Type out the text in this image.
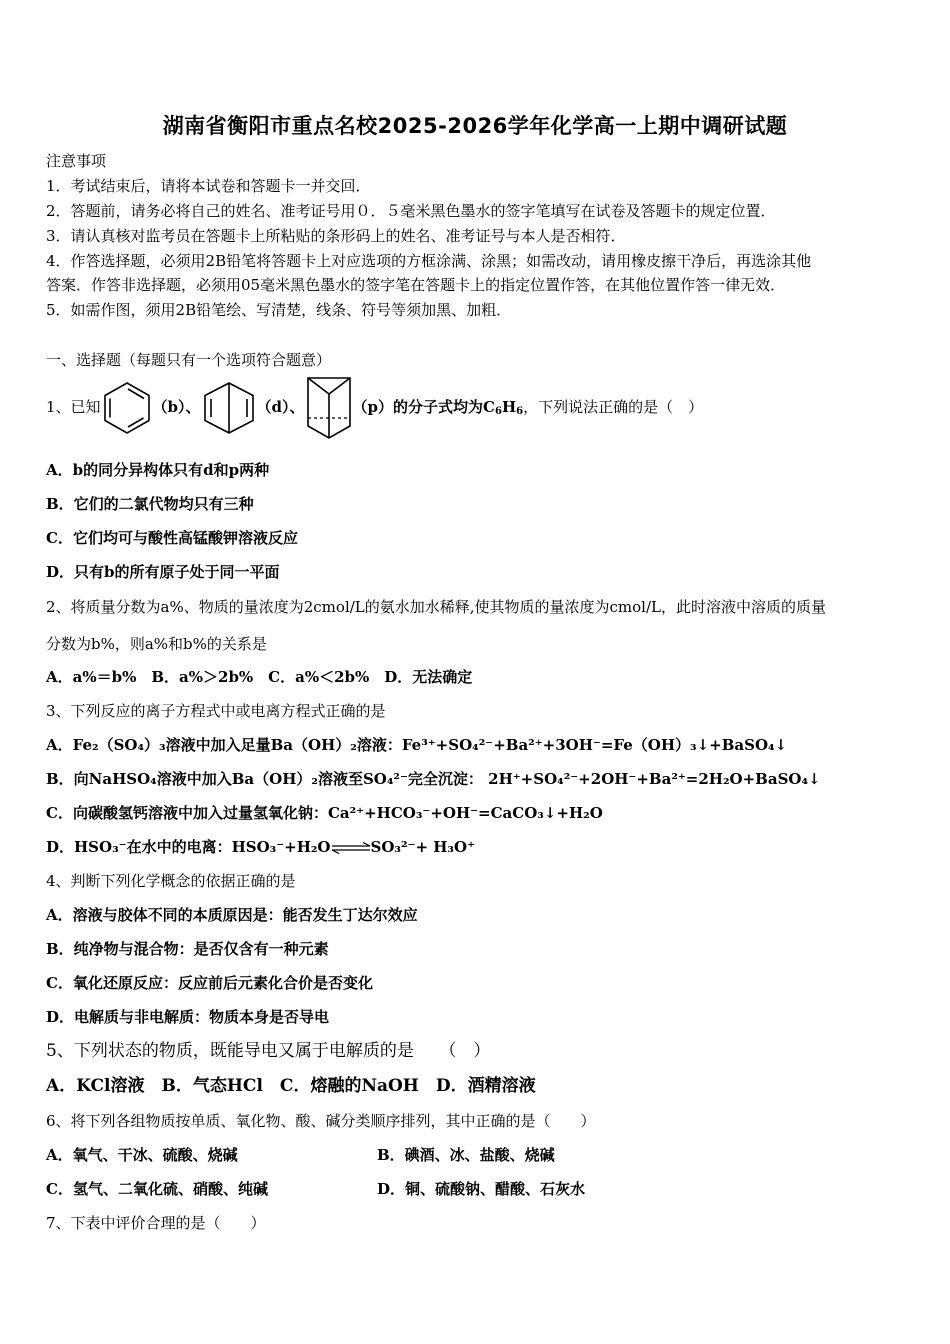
湖南省衡阳市重点名校2025-2026学年化学高一上期中调研试题
注意事项
1．考试结束后，请将本试卷和答题卡一并交回．
2．答题前，请务必将自己的姓名、准考证号用０．５毫米黑色墨水的签字笔填写在试卷及答题卡的规定位置．
3．请认真核对监考员在答题卡上所粘贴的条形码上的姓名、准考证号与本人是否相符．
4．作答选择题，必须用2B铅笔将答题卡上对应选项的方框涂满、涂黑；如需改动，请用橡皮擦干净后，再选涂其他
答案．作答非选择题，必须用05毫米黑色墨水的签字笔在答题卡上的指定位置作答，在其他位置作答一律无效．
5．如需作图，须用2B铅笔绘、写清楚，线条、符号等须加黑、加粗．
一、选择题（每题只有一个选项符合题意）
1、已知	（b）、	（d）、	（p）的分子式均为$C_6H_6$，下列说法正确的是（　）
A．b的同分异构体只有d和p两种
B．它们的二氯代物均只有三种
C．它们均可与酸性高锰酸钾溶液反应
D．只有b的所有原子处于同一平面
2、将质量分数为a%、物质的量浓度为2cmol/L的氨水加水稀释,使其物质的量浓度为cmol/L，此时溶液中溶质的质量
分数为b%，则a%和b%的关系是
A．a%＝b%　B．a%＞2b%　C．a%＜2b%　D．无法确定
3、下列反应的离子方程式中或电离方程式正确的是
A．Fe₂（SO₄）₃溶液中加入足量Ba（OH）₂溶液：Fe³⁺+SO₄²⁻+Ba²⁺+3OH⁻=Fe（OH）₃↓+BaSO₄↓
B．向NaHSO₄溶液中加入Ba（OH）₂溶液至SO₄²⁻完全沉淀： 2H⁺+SO₄²⁻+2OH⁻+Ba²⁺=2H₂O+BaSO₄↓
C．向碳酸氢钙溶液中加入过量氢氧化钠：Ca²⁺+HCO₃⁻+OH⁻=CaCO₃↓+H₂O
D．HSO₃⁻在水中的电离：HSO₃⁻+H₂O⇌SO₃²⁻+ H₃O⁺
4、判断下列化学概念的依据正确的是
A．溶液与胶体不同的本质原因是：能否发生丁达尔效应
B．纯净物与混合物：是否仅含有一种元素
C．氧化还原反应：反应前后元素化合价是否变化
D．电解质与非电解质：物质本身是否导电
5、下列状态的物质，既能导电又属于电解质的是　　（　）
A．KCl溶液　B．气态HCl　C．熔融的NaOH　D．酒精溶液
6、将下列各组物质按单质、氧化物、酸、碱分类顺序排列，其中正确的是（　　）
A．氧气、干冰、硫酸、烧碱	B．碘酒、冰、盐酸、烧碱
C．氢气、二氧化硫、硝酸、纯碱	D．铜、硫酸钠、醋酸、石灰水
7、下表中评价合理的是（　　）
